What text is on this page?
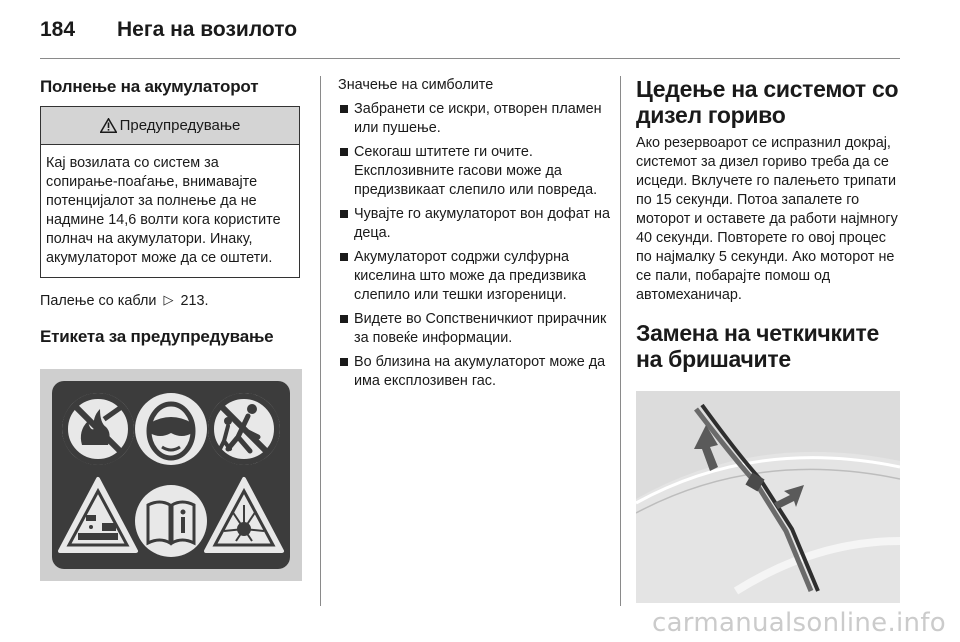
184 Нега на возилото
Полнење на акумулаторот
Предупредување
Кај возилата со систем за сопирање-поаѓање, внимавајте потенцијалот за полнење да не надмине 14,6 волти кога користите полнач на акумулатори. Инаку, акумулаторот може да се оштети.
Палење со кабли ▷ 213.
Етикета за предупредување
Значење на симболите
Забранети се искри, отворен пламен или пушење.
Секогаш штитете ги очите. Експлозивните гасови може да предизвикаат слепило или повреда.
Чувајте го акумулаторот вон дофат на деца.
Акумулаторот содржи сулфурна киселина што може да предизвика слепило или тешки изгореници.
Видете во Сопственичкиот прирачник за повеќе информации.
Во близина на акумулаторот може да има експлозивен гас.
Цедење на системот со дизел гориво
Ако резервоарот се испразнил докрај, системот за дизел гориво треба да се исцеди. Вклучете го палењето трипати по 15 секунди. Потоа запалете го моторот и оставете да работи најмногу 40 секунди. Повторете го овој процес по најмалку 5 секунди. Ако моторот не се пали, побарајте помош од автомеханичар.
Замена на четкичките на бришачите
carmanualsonline.info
